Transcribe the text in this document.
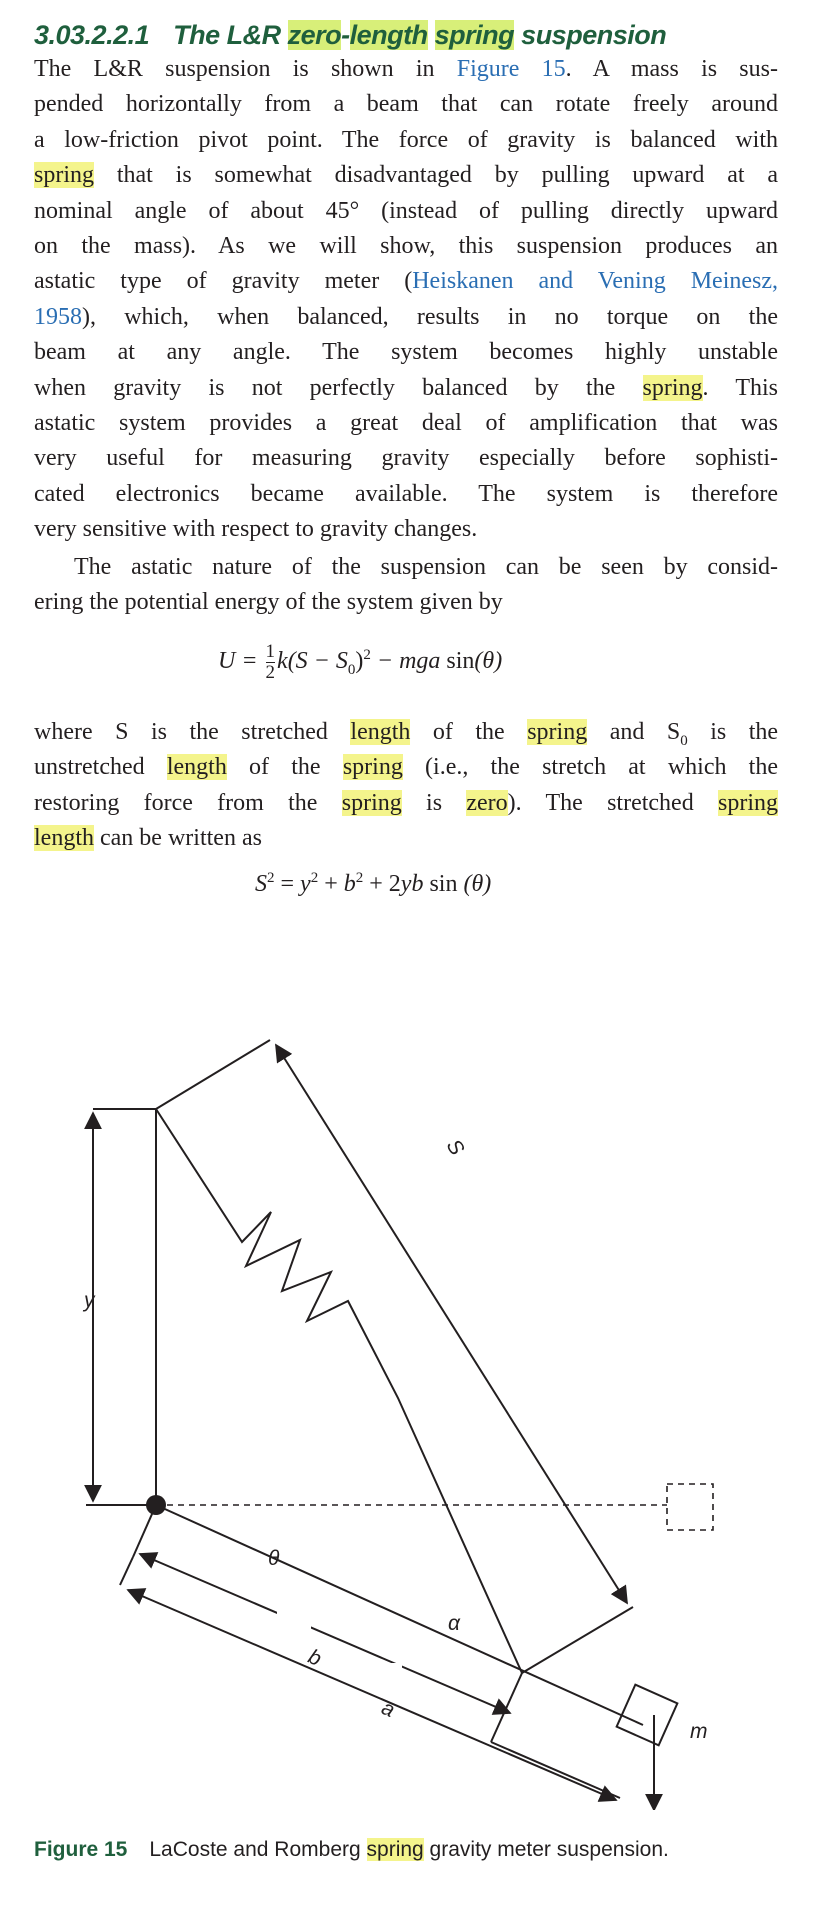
3.03.2.2.1 The L&R zero-length spring suspension
The L&R suspension is shown in Figure 15. A mass is sus-
pended horizontally from a beam that can rotate freely around
a low-friction pivot point. The force of gravity is balanced with
spring that is somewhat disadvantaged by pulling upward at a
nominal angle of about 45° (instead of pulling directly upward
on the mass). As we will show, this suspension produces an
astatic type of gravity meter (Heiskanen and Vening Meinesz,
1958), which, when balanced, results in no torque on the
beam at any angle. The system becomes highly unstable
when gravity is not perfectly balanced by the spring. This
astatic system provides a great deal of amplification that was
very useful for measuring gravity especially before sophisti-
cated electronics became available. The system is therefore
very sensitive with respect to gravity changes.
The astatic nature of the suspension can be seen by consid-
ering the potential energy of the system given by
$U = \frac{1}{2} k(S - S_0)^2$ − mga sin(θ)
where S is the stretched length of the spring and $S_0$ is the
unstretched length of the spring (i.e., the stretch at which the
restoring force from the spring is zero). The stretched spring
length can be written as
$S^2 = y^2 + b^2 + 2yb$ sin (θ)
y
S
θ
α
b
a
m
Figure 15 LaCoste and Romberg spring gravity meter suspension.
